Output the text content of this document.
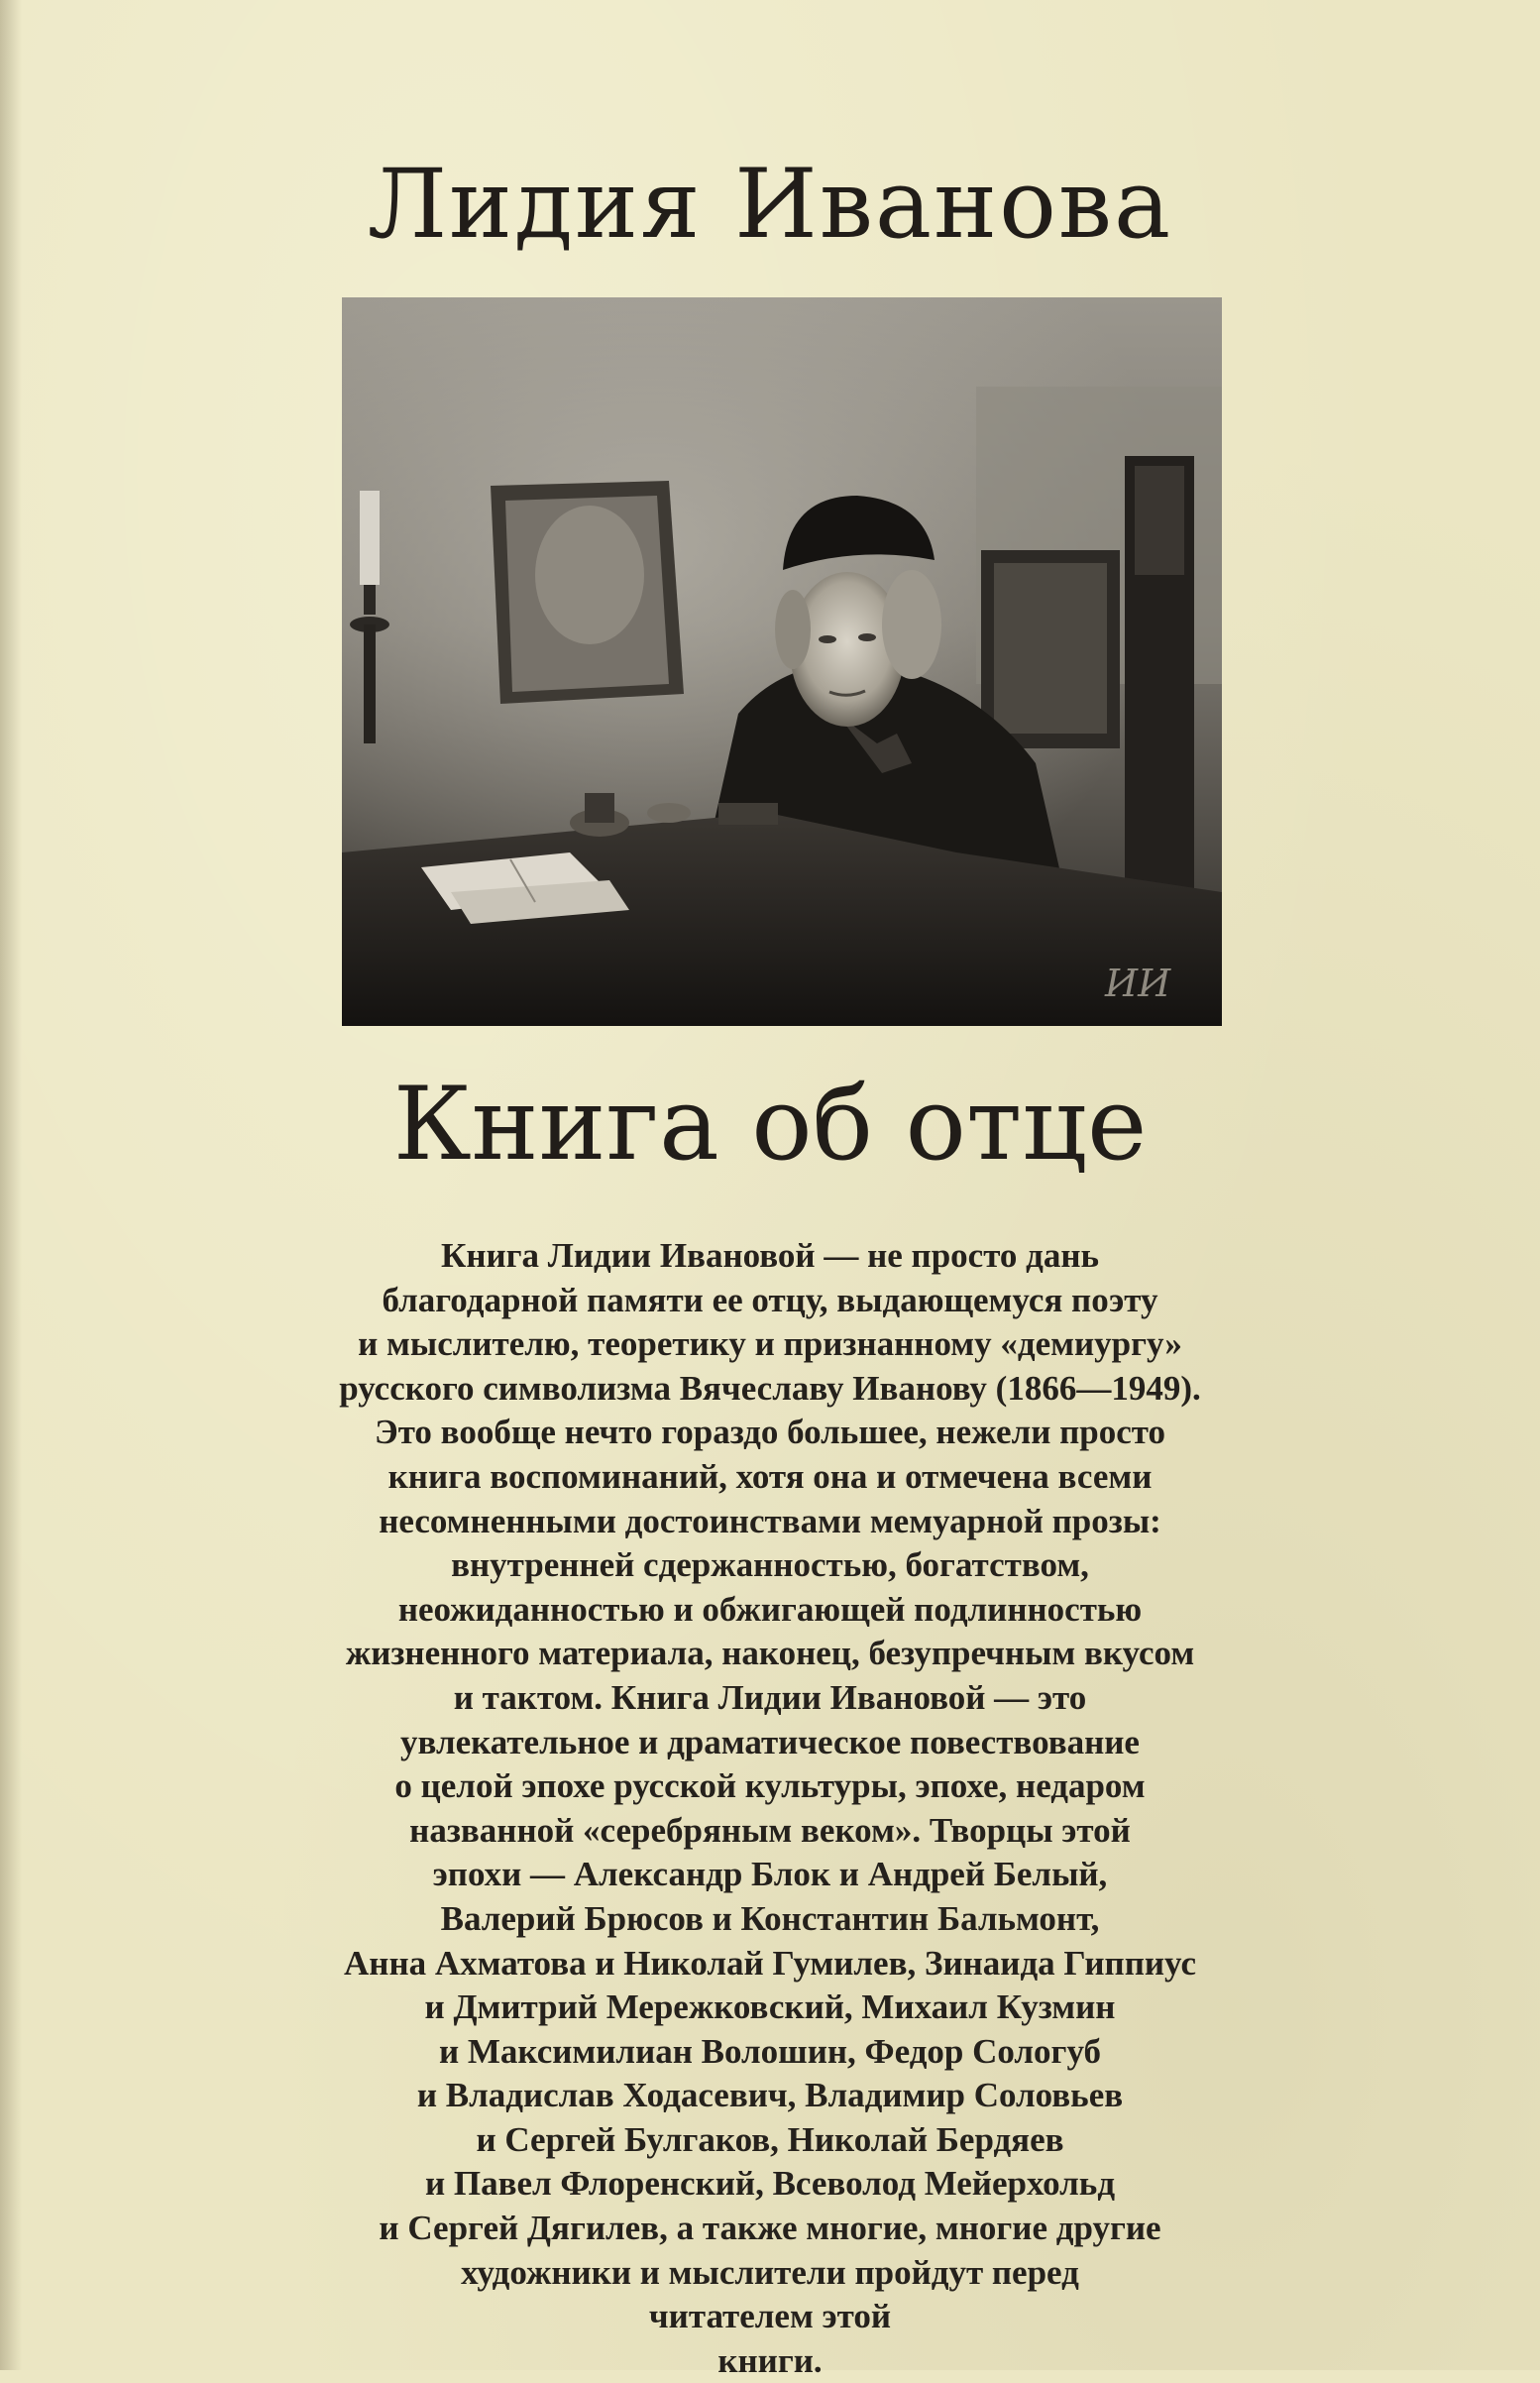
Лидия Иванова
ИИ
Книга об отце
Книга Лидии Ивановой — не просто дань
благодарной памяти ее отцу, выдающемуся поэту
и мыслителю, теоретику и признанному «демиургу»
русского символизма Вячеславу Иванову (1866—1949).
Это вообще нечто гораздо большее, нежели просто
книга воспоминаний, хотя она и отмечена всеми
несомненными достоинствами мемуарной прозы:
внутренней сдержанностью, богатством,
неожиданностью и обжигающей подлинностью
жизненного материала, наконец, безупречным вкусом
и тактом. Книга Лидии Ивановой — это
увлекательное и драматическое повествование
о целой эпохе русской культуры, эпохе, недаром
названной «серебряным веком». Творцы этой
эпохи — Александр Блок и Андрей Белый,
Валерий Брюсов и Константин Бальмонт,
Анна Ахматова и Николай Гумилев, Зинаида Гиппиус
и Дмитрий Мережковский, Михаил Кузмин
и Максимилиан Волошин, Федор Сологуб
и Владислав Ходасевич, Владимир Соловьев
и Сергей Булгаков, Николай Бердяев
и Павел Флоренский, Всеволод Мейерхольд
и Сергей Дягилев, а также многие, многие другие
художники и мыслители пройдут перед
читателем этой
книги.
